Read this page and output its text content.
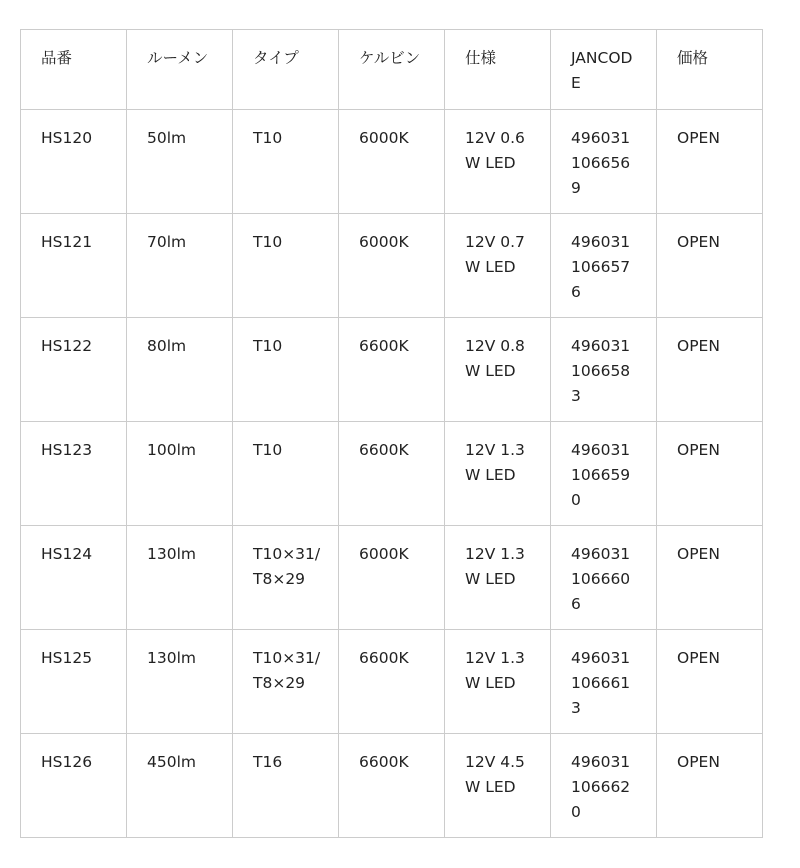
品番	ルーメン	タイプ	ケルビン	仕様	JANCODE	価格
HS120	50lm	T10	6000K	12V 0.6W LED	4960311066569	OPEN
HS121	70lm	T10	6000K	12V 0.7W LED	4960311066576	OPEN
HS122	80lm	T10	6600K	12V 0.8W LED	4960311066583	OPEN
HS123	100lm	T10	6600K	12V 1.3W LED	4960311066590	OPEN
HS124	130lm	T10×31/T8×29	6000K	12V 1.3W LED	4960311066606	OPEN
HS125	130lm	T10×31/T8×29	6600K	12V 1.3W LED	4960311066613	OPEN
HS126	450lm	T16	6600K	12V 4.5W LED	4960311066620	OPEN
